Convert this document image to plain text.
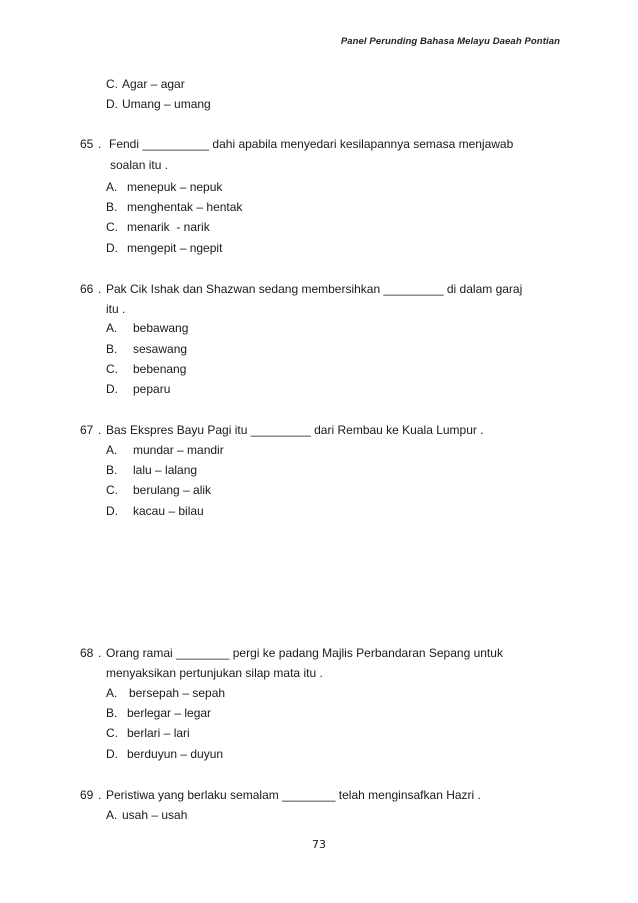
Panel Perunding Bahasa Melayu Daeah Pontian
C. Agar – agar
D. Umang – umang
65 . Fendi __________ dahi apabila menyedari kesilapannya semasa menjawab
soalan itu .
A. menepuk – nepuk
B. menghentak – hentak
C. menarik  - narik
D. mengepit – ngepit
66 . Pak Cik Ishak dan Shazwan sedang membersihkan _________ di dalam garaj
itu .
A. bebawang
B. sesawang
C. bebenang
D. peparu
67 . Bas Ekspres Bayu Pagi itu _________ dari Rembau ke Kuala Lumpur .
A. mundar – mandir
B. lalu – lalang
C. berulang – alik
D. kacau – bilau
68 . Orang ramai ________ pergi ke padang Majlis Perbandaran Sepang untuk
menyaksikan pertunjukan silap mata itu .
A. bersepah – sepah
B. berlegar – legar
C. berlari – lari
D. berduyun – duyun
69 . Peristiwa yang berlaku semalam ________ telah menginsafkan Hazri .
A. usah – usah
73
